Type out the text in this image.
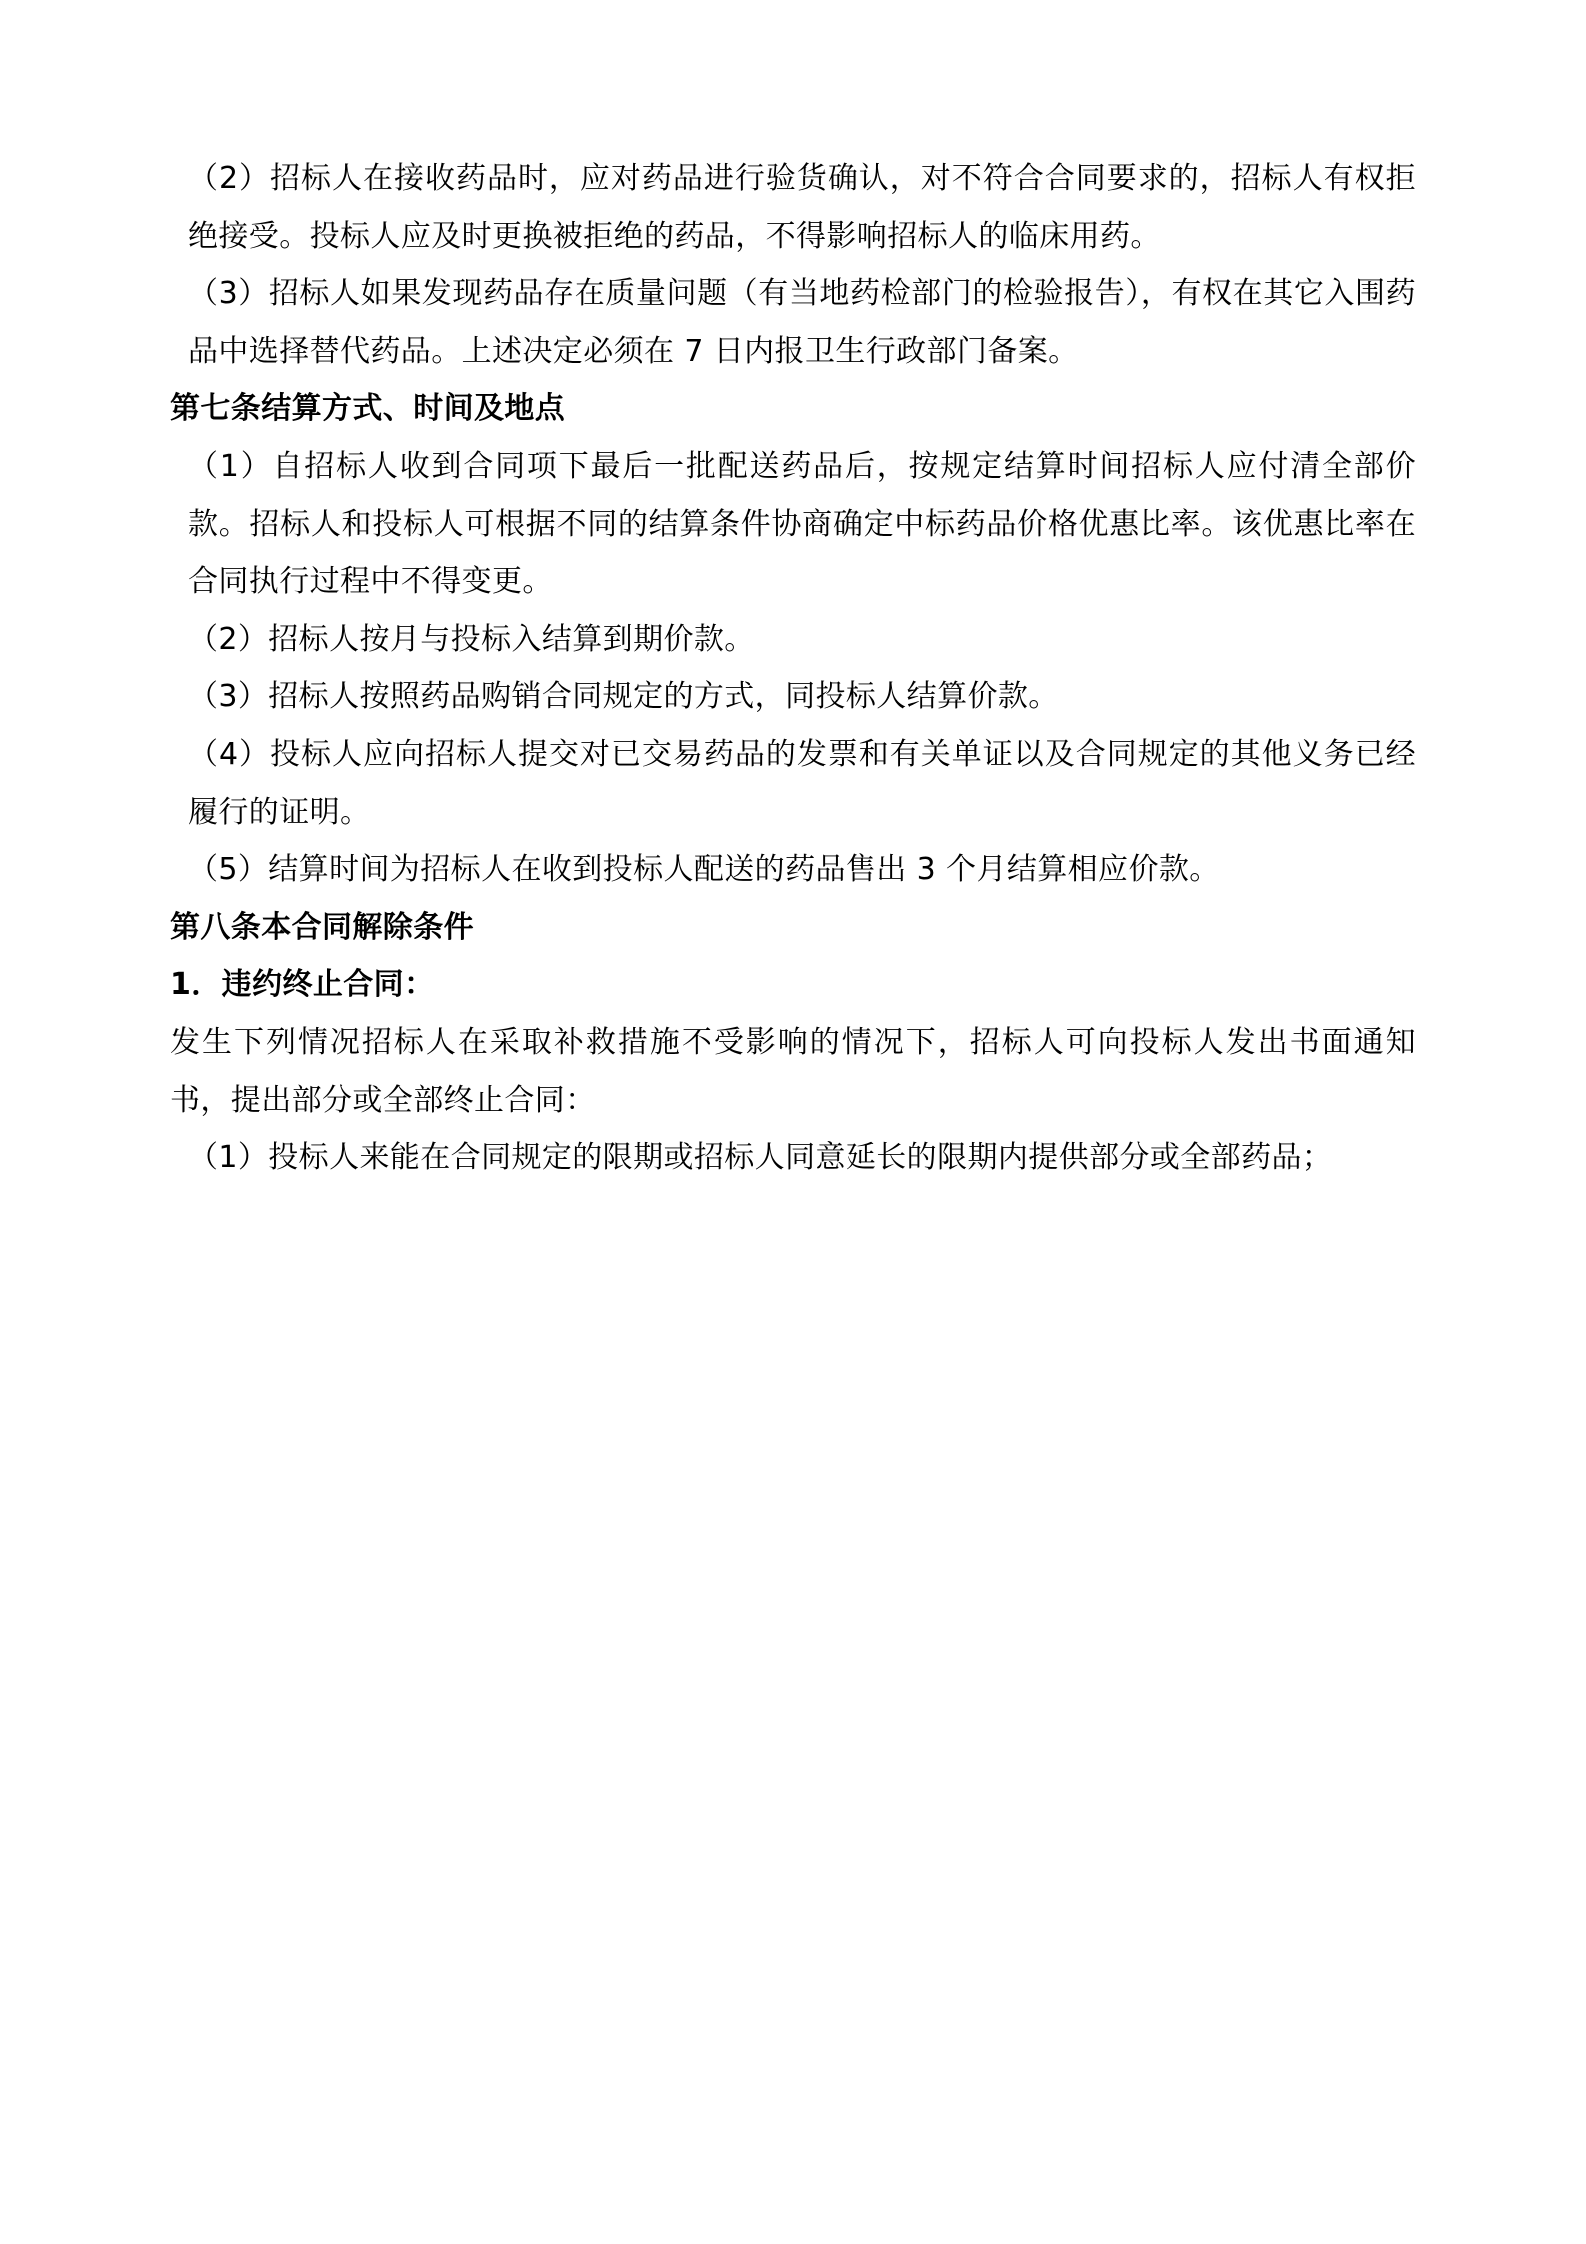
（2）招标人在接收药品时，应对药品进行验货确认，对不符合合同要求的，招标人有权拒绝接受。投标人应及时更换被拒绝的药品，不得影响招标人的临床用药。

（3）招标人如果发现药品存在质量问题（有当地药检部门的检验报告），有权在其它入围药品中选择替代药品。上述决定必须在 7 日内报卫生行政部门备案。

第七条结算方式、时间及地点

（1）自招标人收到合同项下最后一批配送药品后，按规定结算时间招标人应付清全部价款。招标人和投标人可根据不同的结算条件协商确定中标药品价格优惠比率。该优惠比率在合同执行过程中不得变更。

（2）招标人按月与投标入结算到期价款。

（3）招标人按照药品购销合同规定的方式，同投标人结算价款。

（4）投标人应向招标人提交对已交易药品的发票和有关单证以及合同规定的其他义务已经履行的证明。

（5）结算时间为招标人在收到投标人配送的药品售出 3 个月结算相应价款。

第八条本合同解除条件

1．违约终止合同：

发生下列情况招标人在采取补救措施不受影响的情况下，招标人可向投标人发出书面通知书，提出部分或全部终止合同：

（1）投标人来能在合同规定的限期或招标人同意延长的限期内提供部分或全部药品；
